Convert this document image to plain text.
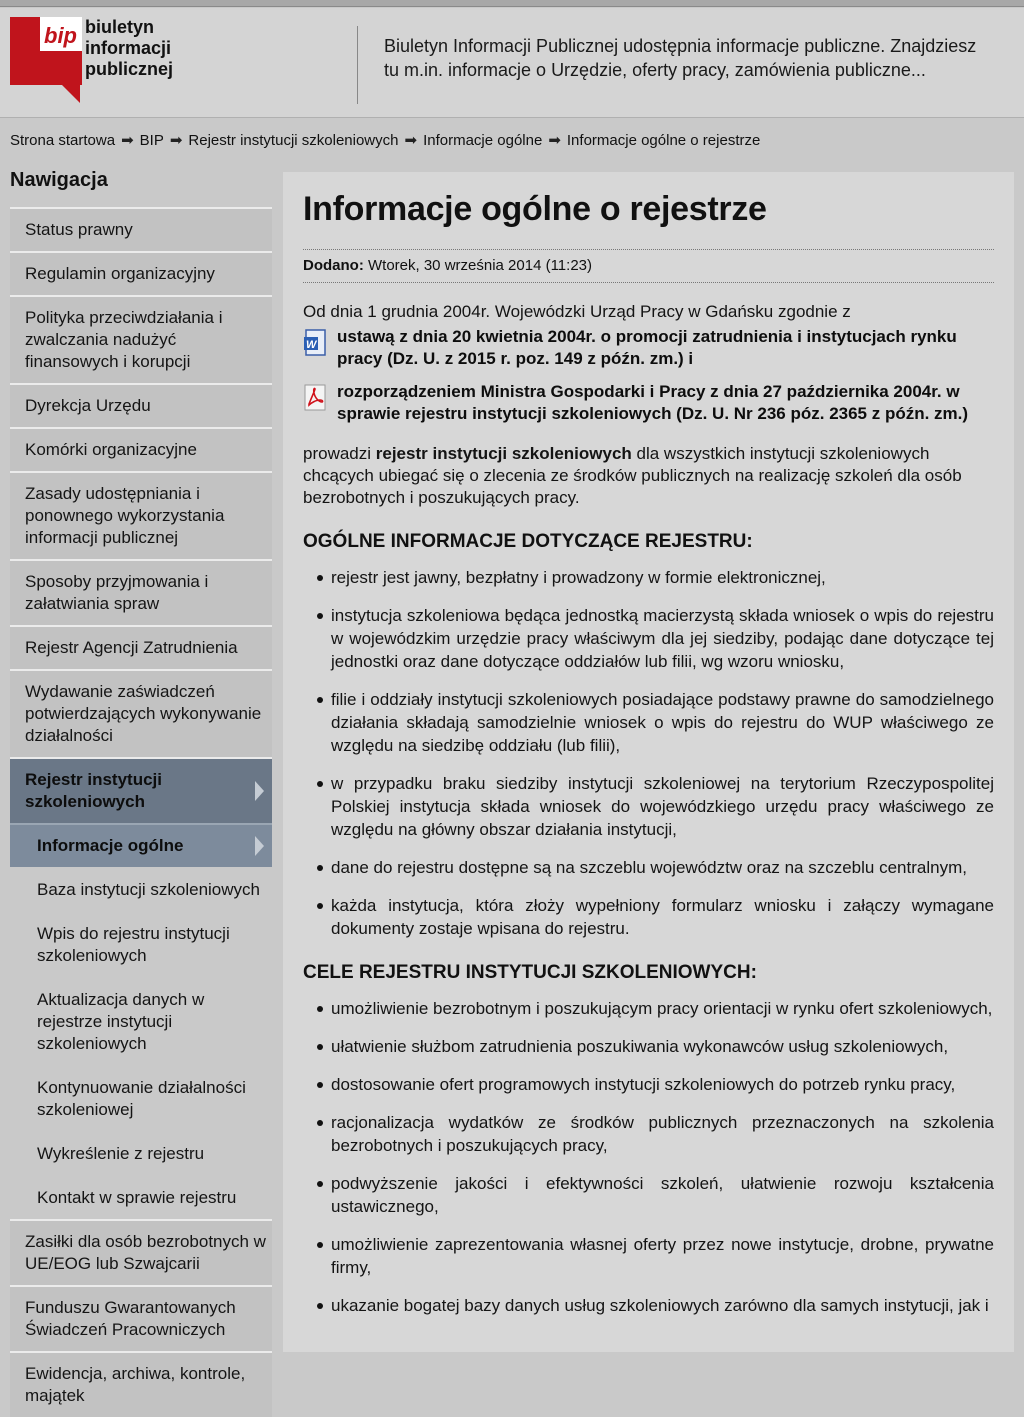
bip biuletyn
informacji publicznej
Biuletyn Informacji Publicznej udostępnia informacje publiczne. Znajdziesz tu m.in. informacje o Urzędzie, oferty pracy, zamówienia publiczne...
Strona startowa ➡ BIP ➡ Rejestr instytucji szkoleniowych ➡ Informacje ogólne ➡ Informacje ogólne o rejestrze
Nawigacja
Status prawny
Regulamin organizacyjny
Polityka przeciwdziałania i zwalczania nadużyć finansowych i korupcji
Dyrekcja Urzędu
Komórki organizacyjne
Zasady udostępniania i ponownego wykorzystania informacji publicznej
Sposoby przyjmowania i załatwiania spraw
Rejestr Agencji Zatrudnienia
Wydawanie zaświadczeń potwierdzających wykonywanie działalności
Rejestr instytucji szkoleniowych
Informacje ogólne
Baza instytucji szkoleniowych
Wpis do rejestru instytucji szkoleniowych
Aktualizacja danych w rejestrze instytucji szkoleniowych
Kontynuowanie działalności szkoleniowej
Wykreślenie z rejestru
Kontakt w sprawie rejestru
Zasiłki dla osób bezrobotnych w UE/EOG lub Szwajcarii
Funduszu Gwarantowanych Świadczeń Pracowniczych
Ewidencja, archiwa, kontrole, majątek
Informacje ogólne o rejestrze
Dodano: Wtorek, 30 września 2014 (11:23)

Od dnia 1 grudnia 2004r. Wojewódzki Urząd Pracy w Gdańsku zgodnie z

W ustawą z dnia 20 kwietnia 2004r. o promocji zatrudnienia i instytucjach rynku pracy (Dz. U. z 2015 r. poz. 149 z późn. zm.) i
rozporządzeniem Ministra Gospodarki i Pracy z dnia 27 października 2004r. w sprawie rejestru instytucji szkoleniowych (Dz. U. Nr 236 póz. 2365 z późn. zm.)

prowadzi rejestr instytucji szkoleniowych dla wszystkich instytucji szkoleniowych chcących ubiegać się o zlecenia ze środków publicznych na realizację szkoleń dla osób bezrobotnych i poszukujących pracy.

OGÓLNE INFORMACJE DOTYCZĄCE REJESTRU:
rejestr jest jawny, bezpłatny i prowadzony w formie elektronicznej,
instytucja szkoleniowa będąca jednostką macierzystą składa wniosek o wpis do rejestru w wojewódzkim urzędzie pracy właściwym dla jej siedziby, podając dane dotyczące tej jednostki oraz dane dotyczące oddziałów lub filii, wg wzoru wniosku,
filie i oddziały instytucji szkoleniowych posiadające podstawy prawne do samodzielnego działania składają samodzielnie wniosek o wpis do rejestru do WUP właściwego ze względu na siedzibę oddziału (lub filii),
w przypadku braku siedziby instytucji szkoleniowej na terytorium Rzeczypospolitej Polskiej instytucja składa wniosek do wojewódzkiego urzędu pracy właściwego ze względu na główny obszar działania instytucji,
dane do rejestru dostępne są na szczeblu województw oraz na szczeblu centralnym,
każda instytucja, która złoży wypełniony formularz wniosku i załączy wymagane dokumenty zostaje wpisana do rejestru.
CELE REJESTRU INSTYTUCJI SZKOLENIOWYCH:
umożliwienie bezrobotnym i poszukującym pracy orientacji w rynku ofert szkoleniowych,
ułatwienie służbom zatrudnienia poszukiwania wykonawców usług szkoleniowych,
dostosowanie ofert programowych instytucji szkoleniowych do potrzeb rynku pracy,
racjonalizacja wydatków ze środków publicznych przeznaczonych na szkolenia bezrobotnych i poszukujących pracy,
podwyższenie jakości i efektywności szkoleń, ułatwienie rozwoju kształcenia ustawicznego,
umożliwienie zaprezentowania własnej oferty przez nowe instytucje, drobne, prywatne firmy,
ukazanie bogatej bazy danych usług szkoleniowych zarówno dla samych instytucji, jak i
